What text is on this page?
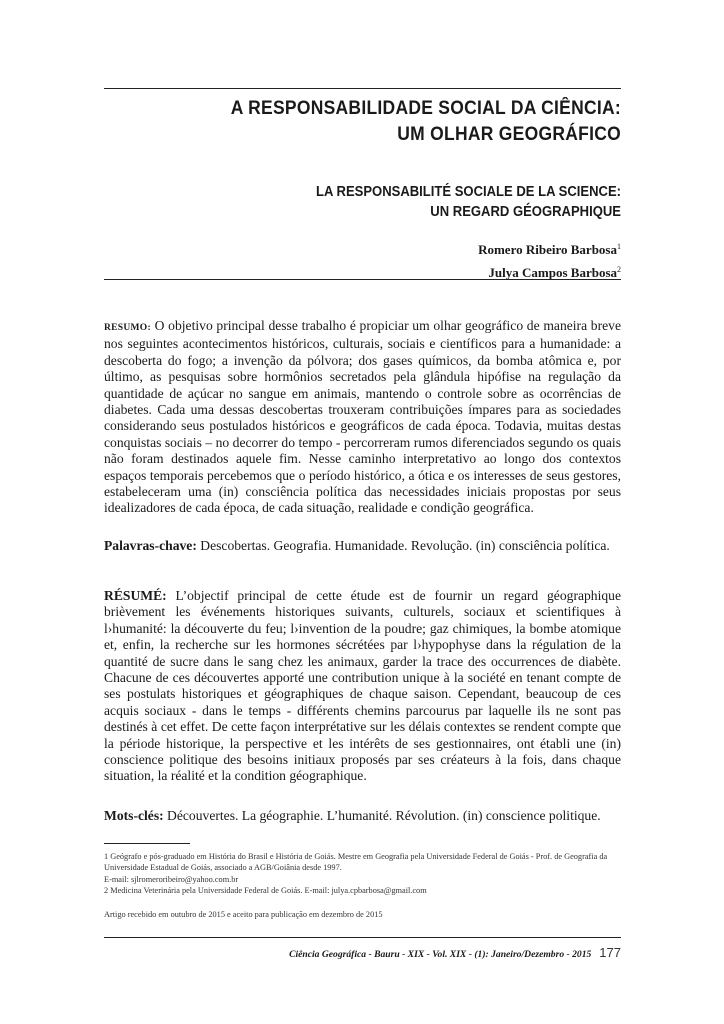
A RESPONSABILIDADE SOCIAL DA CIÊNCIA:
UM OLHAR GEOGRÁFICO
LA RESPONSABILITÉ SOCIALE DE LA SCIENCE:
UN REGARD GÉOGRAPHIQUE
Romero Ribeiro Barbosa$^1$
Julya Campos Barbosa$^2$
RESUMO: O objetivo principal desse trabalho é propiciar um olhar geográfico de maneira breve nos seguintes acontecimentos históricos, culturais, sociais e científicos para a humanidade: a descoberta do fogo; a invenção da pólvora; dos gases químicos, da bomba atômica e, por último, as pesquisas sobre hormônios secretados pela glândula hipófise na regulação da quantidade de açúcar no sangue em animais, mantendo o controle sobre as ocorrências de diabetes. Cada uma dessas descobertas trouxeram contribuições ímpares para as sociedades considerando seus postulados históricos e geográficos de cada época. Todavia, muitas destas conquistas sociais – no decorrer do tempo - percorreram rumos diferenciados segundo os quais não foram destinados aquele fim. Nesse caminho interpretativo ao longo dos contextos espaços temporais percebemos que o período histórico, a ótica e os interesses de seus gestores, estabeleceram uma (in) consciência política das necessidades iniciais propostas por seus idealizadores de cada época, de cada situação, realidade e condição geográfica.
Palavras-chave: Descobertas. Geografia. Humanidade. Revolução. (in) consciência política.
RÉSUMÉ: L’objectif principal de cette étude est de fournir un regard géographique brièvement les événements historiques suivants, culturels, sociaux et scientifiques à l›humanité: la découverte du feu; l›invention de la poudre; gaz chimiques, la bombe atomique et, enfin, la recherche sur les hormones sécrétées par l›hypophyse dans la régulation de la quantité de sucre dans le sang chez les animaux, garder la trace des occurrences de diabète. Chacune de ces découvertes apporté une contribution unique à la société en tenant compte de ses postulats historiques et géographiques de chaque saison. Cependant, beaucoup de ces acquis sociaux - dans le temps - différents chemins parcourus par laquelle ils ne sont pas destinés à cet effet. De cette façon interprétative sur les délais contextes se rendent compte que la période historique, la perspective et les intérêts de ses gestionnaires, ont établi une (in) conscience politique des besoins initiaux proposés par ses créateurs à la fois, dans chaque situation, la réalité et la condition géographique.
Mots-clés: Découvertes. La géographie. L’humanité. Révolution. (in) conscience politique.

1 Geógrafo e pós-graduado em História do Brasil e História de Goiás. Mestre em Geografia pela Universidade Federal de Goiás - Prof. de Geografia da Universidade Estadual de Goiás, associado a AGB/Goiânia desde 1997.

E-mail: sjlromeroribeiro@yahoo.com.br

2 Medicina Veterinária pela Universidade Federal de Goiás. E-mail: julya.cpbarbosa@gmail.com

Artigo recebido em outubro de 2015 e aceito para publicação em dezembro de 2015
Ciência Geográfica - Bauru - XIX - Vol. XIX - (1): Janeiro/Dezembro - 2015 177
